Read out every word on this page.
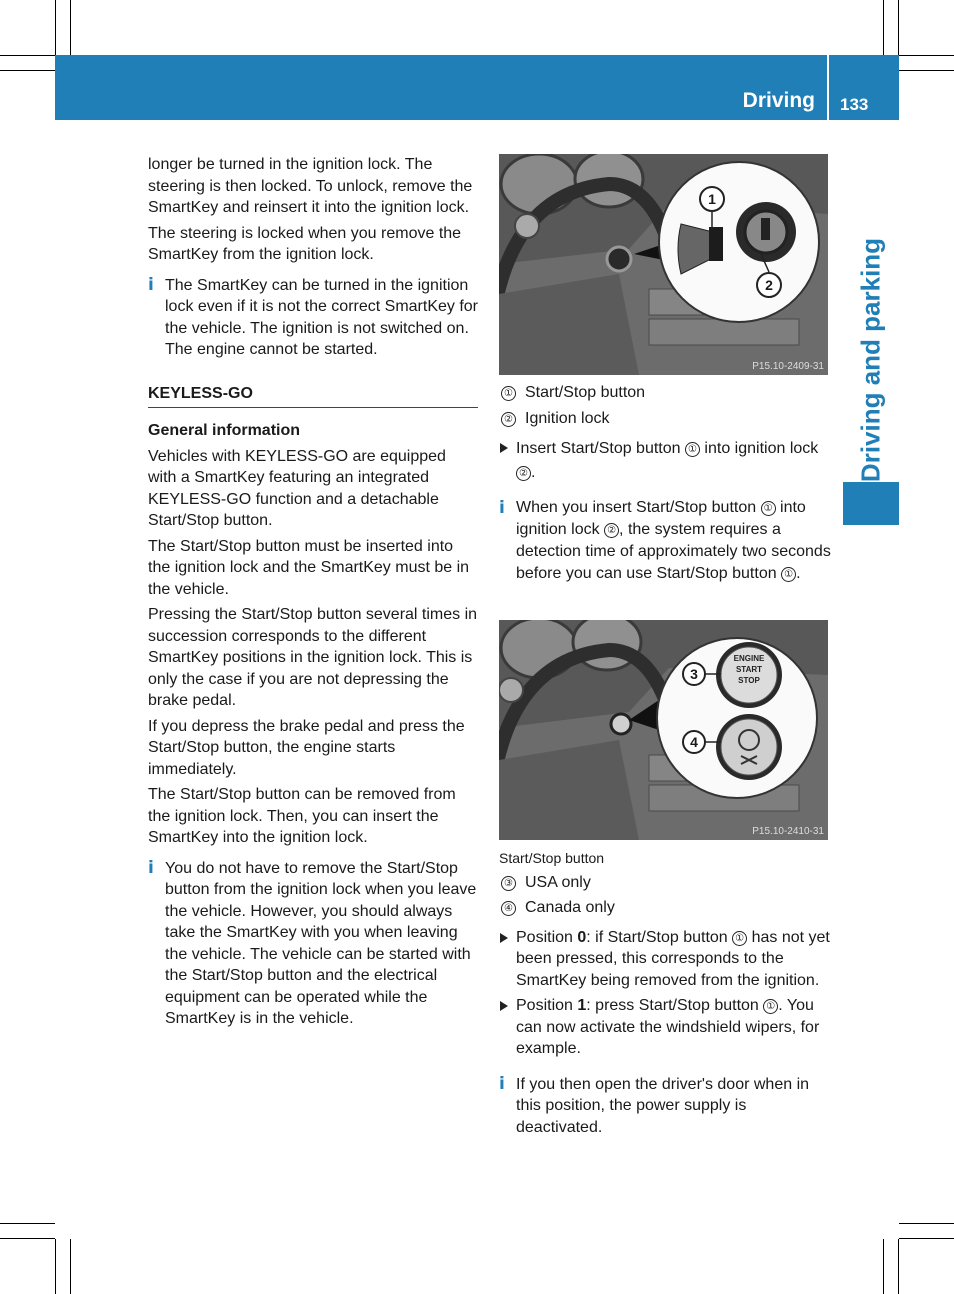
Driving 133
Driving and parking

longer be turned in the ignition lock. The steering is then locked. To unlock, remove the SmartKey and reinsert it into the ignition lock.

The steering is locked when you remove the SmartKey from the ignition lock.

i The SmartKey can be turned in the ignition lock even if it is not the correct SmartKey for the vehicle. The ignition is not switched on. The engine cannot be started.
KEYLESS-GO
General information

Vehicles with KEYLESS-GO are equipped with a SmartKey featuring an integrated KEYLESS-GO function and a detachable Start/Stop button.

The Start/Stop button must be inserted into the ignition lock and the SmartKey must be in the vehicle.

Pressing the Start/Stop button several times in succession corresponds to the different SmartKey positions in the ignition lock. This is only the case if you are not depressing the brake pedal.

If you depress the brake pedal and press the Start/Stop button, the engine starts immediately.

The Start/Stop button can be removed from the ignition lock. Then, you can insert the SmartKey into the ignition lock.

i You do not have to remove the Start/Stop button from the ignition lock when you leave the vehicle. However, you should always take the SmartKey with you when leaving the vehicle. The vehicle can be started with the Start/Stop button and the electrical equipment can be operated while the SmartKey is in the vehicle.
1
2
P15.10-2409-31
① Start/Stop button
② Ignition lock
Insert Start/Stop button ① into ignition lock ② .
i When you insert Start/Stop button ① into ignition lock ② , the system requires a detection time of approximately two seconds before you can use Start/Stop button ① .
3
4
ENGINE
START
STOP
P15.10-2410-31
Start/Stop button
③ USA only
④ Canada only
Position 0: if Start/Stop button ① has not yet been pressed, this corresponds to the SmartKey being removed from the ignition.
Position 1: press Start/Stop button ① . You can now activate the windshield wipers, for example.
i If you then open the driver's door when in this position, the power supply is deactivated.
